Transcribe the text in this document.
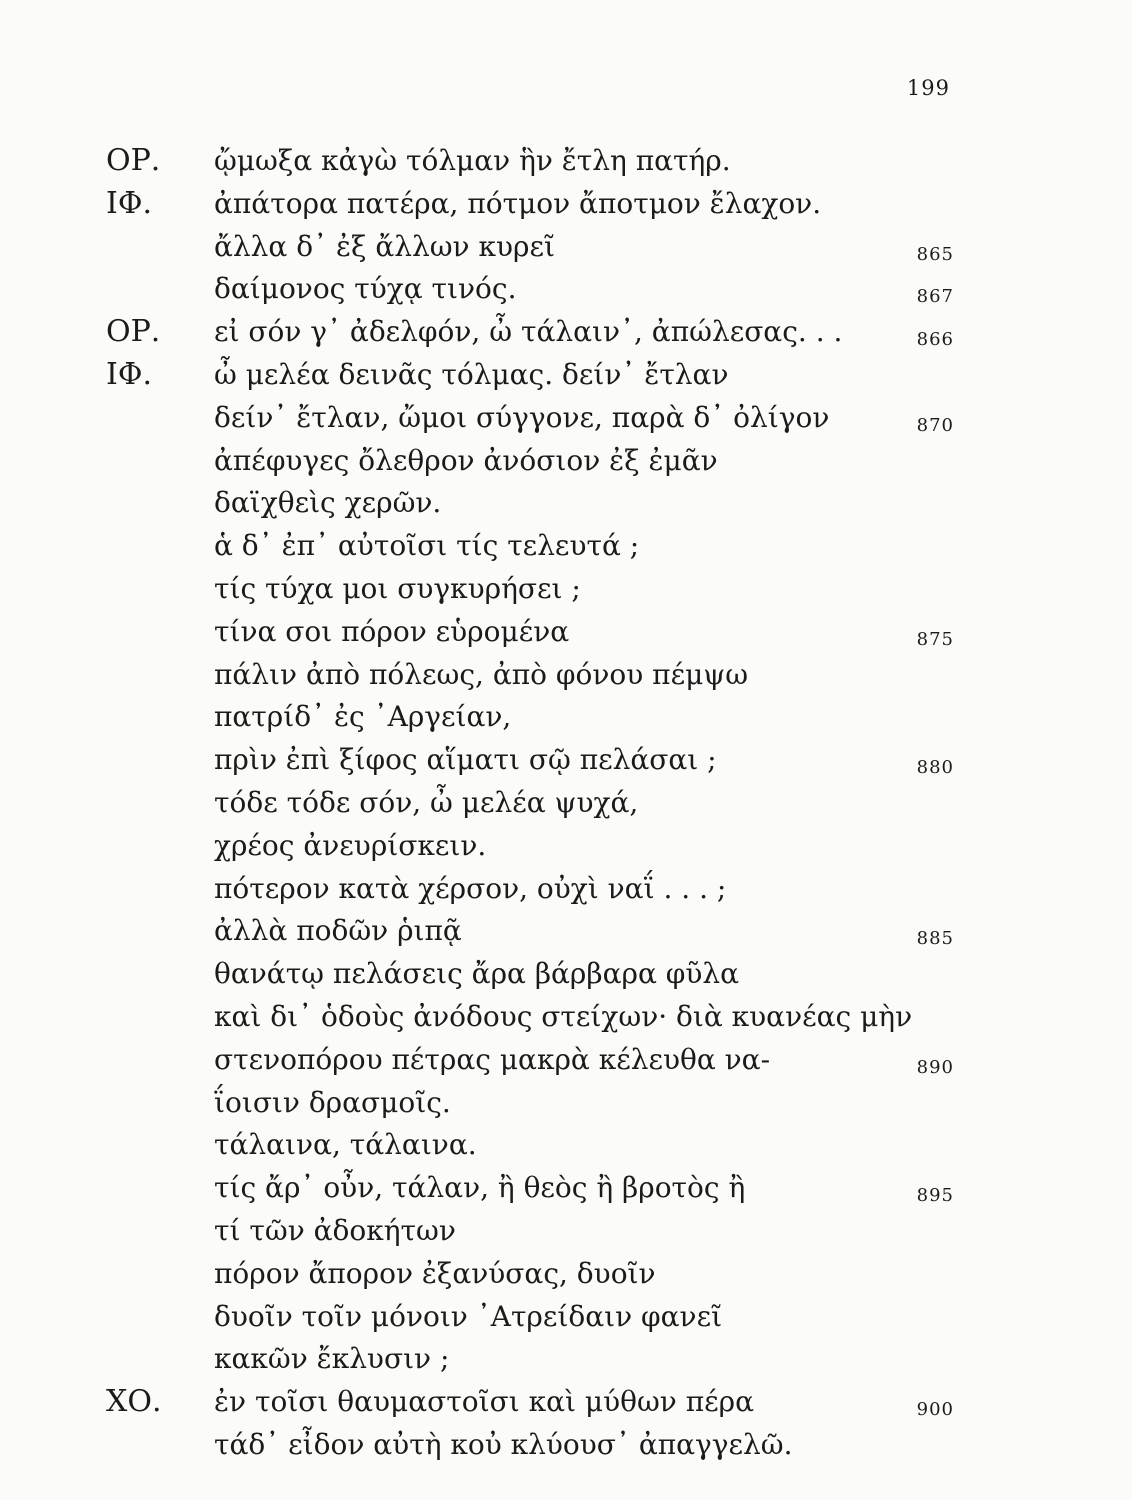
199
ΟΡ. ᾤμωξα κἀγὼ τόλμαν ἣν ἔτλη πατήρ.
ΙΦ. ἀπάτορα πατέρα, πότμον ἄποτμον ἔλαχον.
ἄλλα δ᾽ ἐξ ἄλλων κυρεῖ	865
δαίμονος τύχᾳ τινός.	867
ΟΡ. εἰ σόν γ᾽ ἀδελφόν, ὦ τάλαιν᾽, ἀπώλεσας. . .	866
ΙΦ. ὦ μελέα δεινᾶς τόλμας. δείν᾽ ἔτλαν
δείν᾽ ἔτλαν, ὤμοι σύγγονε, παρὰ δ᾽ ὀλίγον	870
ἀπέφυγες ὄλεθρον ἀνόσιον ἐξ ἐμᾶν
δαϊχθεὶς χερῶν.
ἁ δ᾽ ἐπ᾽ αὐτοῖσι τίς τελευτά ;
τίς τύχα μοι συγκυρήσει ;
τίνα σοι πόρον εὑρομένα	875
πάλιν ἀπὸ πόλεως, ἀπὸ φόνου πέμψω
πατρίδ᾽ ἐς ᾽Αργείαν,
πρὶν ἐπὶ ξίφος αἵματι σῷ πελάσαι ;	880
τόδε τόδε σόν, ὦ μελέα ψυχά,
χρέος ἀνευρίσκειν.
πότερον κατὰ χέρσον, οὐχὶ ναΐ . . . ;
ἀλλὰ ποδῶν ῥιπᾷ	885
θανάτῳ πελάσεις ἄρα βάρβαρα φῦλα
καὶ δι᾽ ὁδοὺς ἀνόδους στείχων· διὰ κυανέας μὴν
στενοπόρου πέτρας μακρὰ κέλευθα να-	890
ΐοισιν δρασμοῖς.
τάλαινα, τάλαινα.
τίς ἄρ᾽ οὖν, τάλαν, ἢ θεὸς ἢ βροτὸς ἢ	895
τί τῶν ἀδοκήτων
πόρον ἄπορον ἐξανύσας, δυοῖν
δυοῖν τοῖν μόνοιν ᾽Ατρείδαιν φανεῖ
κακῶν ἔκλυσιν ;
ΧΟ. ἐν τοῖσι θαυμαστοῖσι καὶ μύθων πέρα	900
τάδ᾽ εἶδον αὐτὴ κοὐ κλύουσ᾽ ἀπαγγελῶ.
